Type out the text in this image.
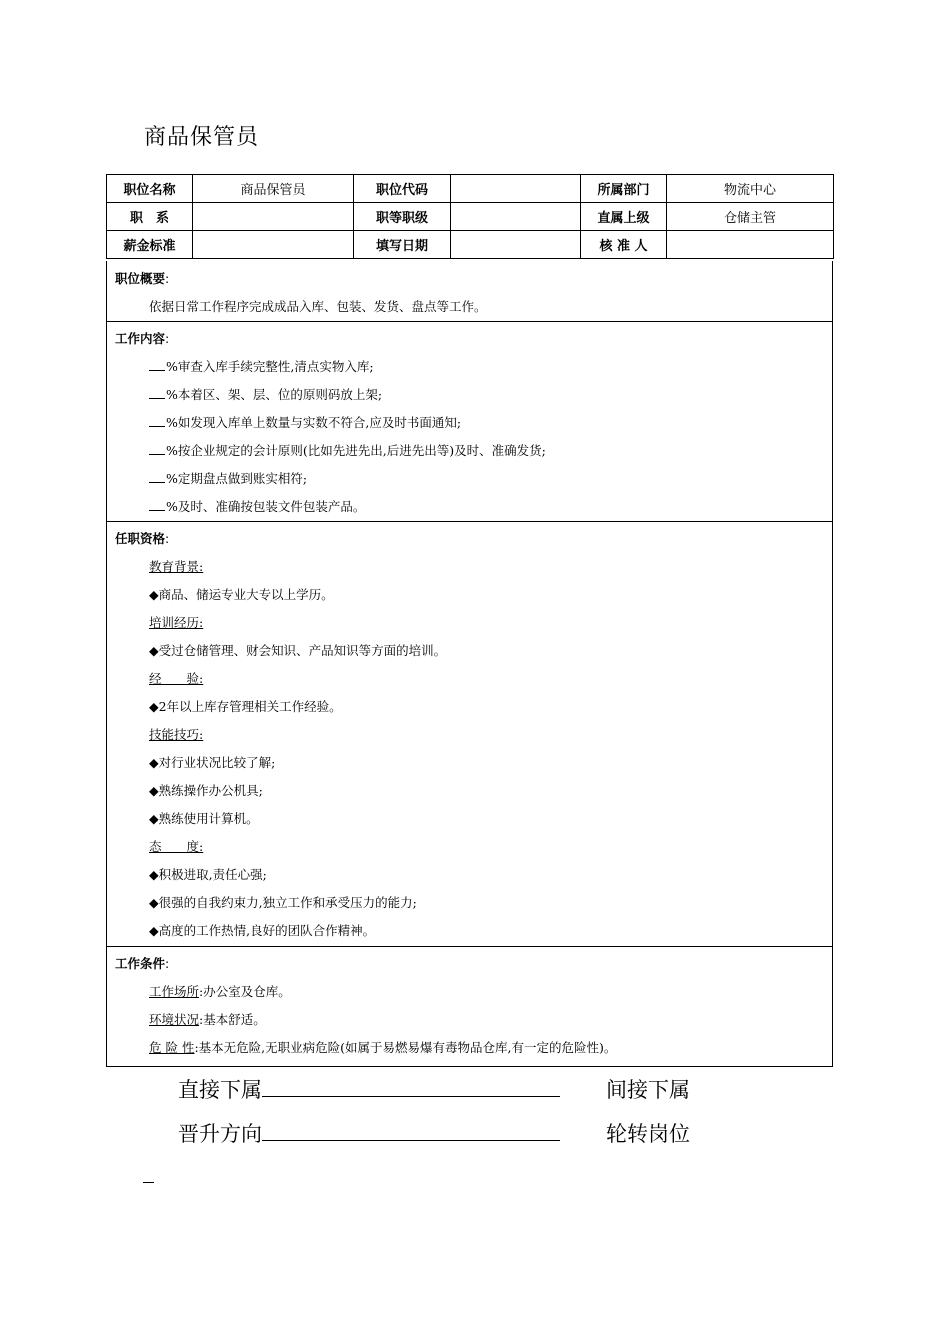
商品保管员
职位名称	商品保管员	职位代码		所属部门	物流中心
职　系		职等职级		直属上级	仓储主管
薪金标准		填写日期		核 准 人	
职位概要:
依据日常工作程序完成成品入库、包装、发货、盘点等工作。
工作内容:
%审查入库手续完整性,清点实物入库;
%本着区、架、层、位的原则码放上架;
%如发现入库单上数量与实数不符合,应及时书面通知;
%按企业规定的会计原则(比如先进先出,后进先出等)及时、准确发货;
%定期盘点做到账实相符;
%及时、准确按包装文件包装产品。
任职资格:
教育背景:
◆商品、储运专业大专以上学历。
培训经历:
◆受过仓储管理、财会知识、产品知识等方面的培训。
经　　验:
◆2年以上库存管理相关工作经验。
技能技巧:
◆对行业状况比较了解;
◆熟练操作办公机具;
◆熟练使用计算机。
态　　度:
◆积极进取,责任心强;
◆很强的自我约束力,独立工作和承受压力的能力;
◆高度的工作热情,良好的团队合作精神。
工作条件:
工作场所:办公室及仓库。
环境状况:基本舒适。
危 险 性:基本无危险,无职业病危险(如属于易燃易爆有毒物品仓库,有一定的危险性)。
直接下属	间接下属
晋升方向	轮转岗位
